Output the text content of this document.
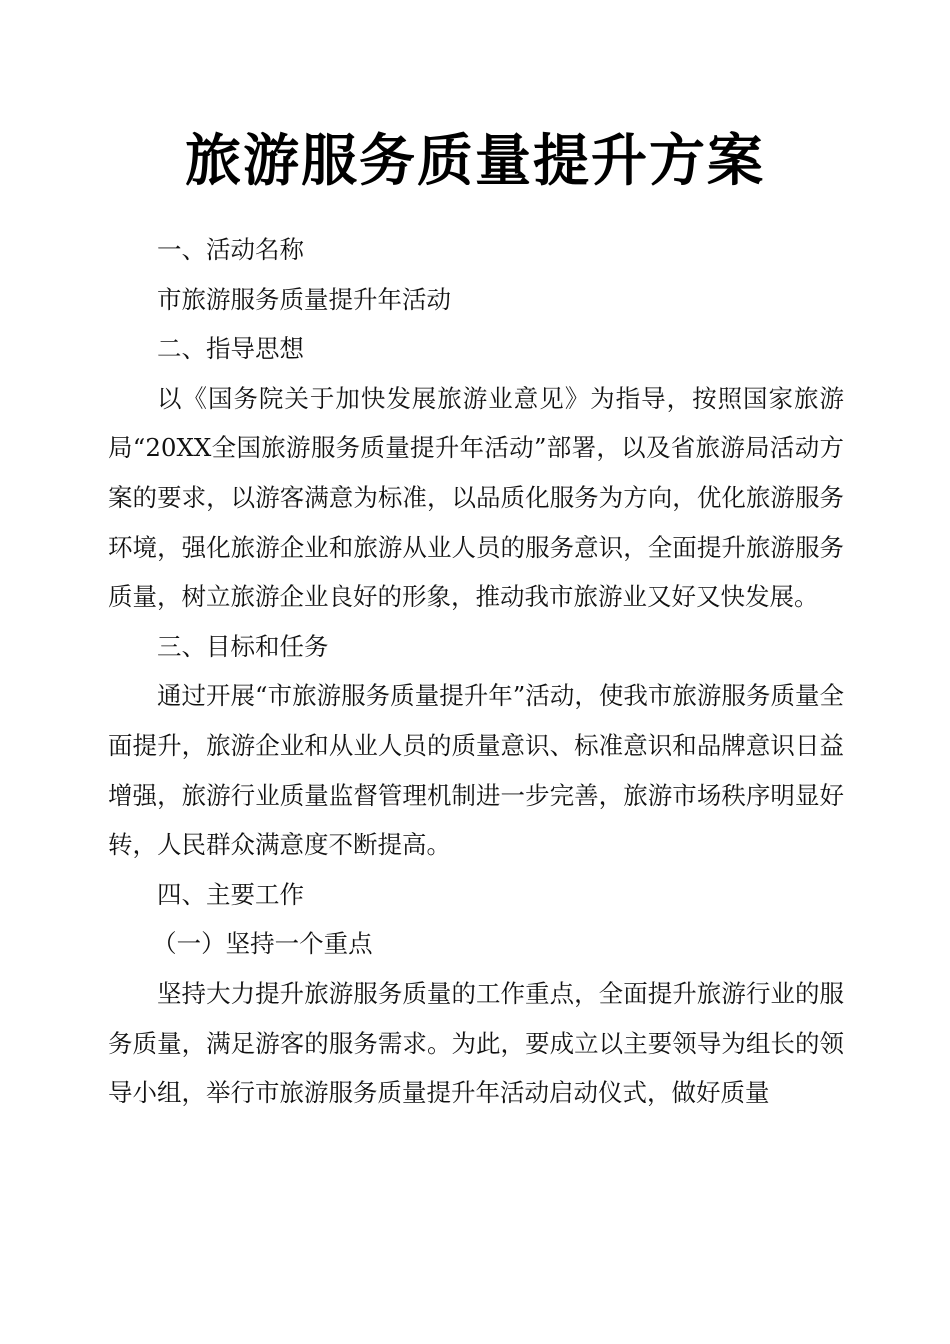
旅游服务质量提升方案

一、活动名称

市旅游服务质量提升年活动

二、指导思想

以《国务院关于加快发展旅游业意见》为指导，按照国家旅游局“20XX全国旅游服务质量提升年活动”部署，以及省旅游局活动方案的要求，以游客满意为标准，以品质化服务为方向，优化旅游服务环境，强化旅游企业和旅游从业人员的服务意识，全面提升旅游服务质量，树立旅游企业良好的形象，推动我市旅游业又好又快发展。

三、目标和任务

通过开展“市旅游服务质量提升年”活动，使我市旅游服务质量全面提升，旅游企业和从业人员的质量意识、标准意识和品牌意识日益增强，旅游行业质量监督管理机制进一步完善，旅游市场秩序明显好转，人民群众满意度不断提高。

四、主要工作

（一）坚持一个重点

坚持大力提升旅游服务质量的工作重点，全面提升旅游行业的服务质量，满足游客的服务需求。为此，要成立以主要领导为组长的领导小组，举行市旅游服务质量提升年活动启动仪式，做好质量
